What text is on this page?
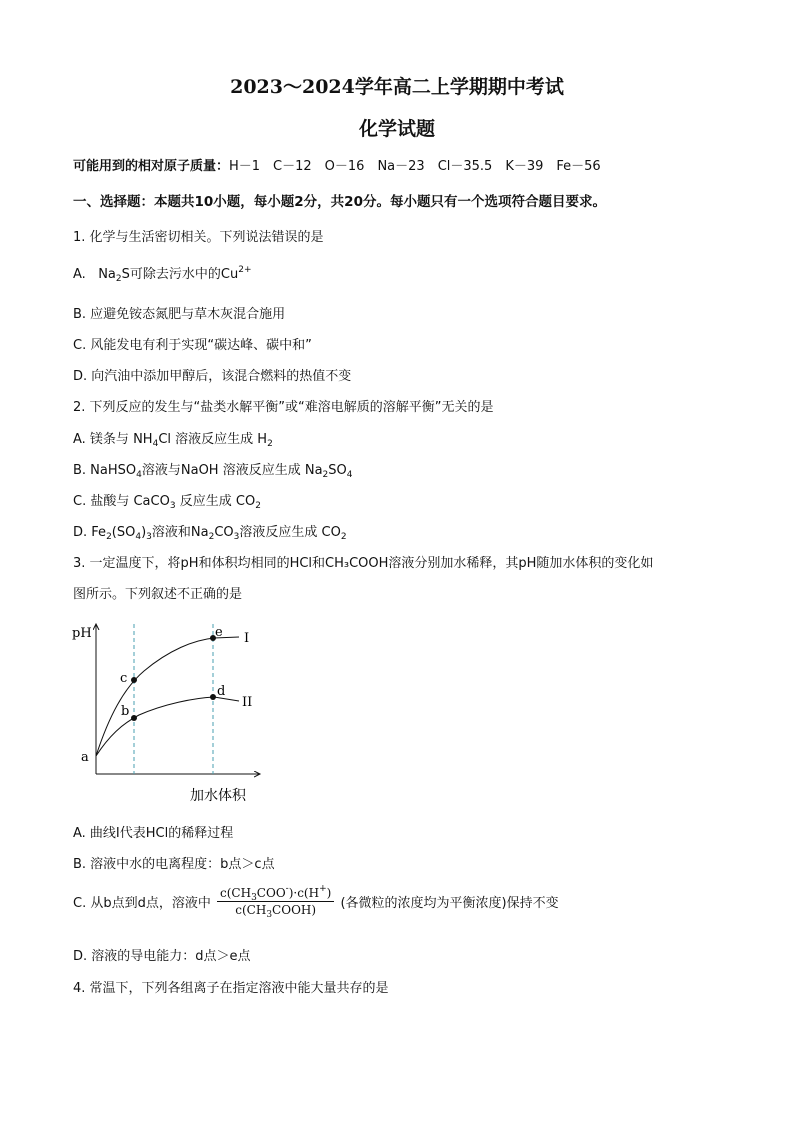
2023～2024学年高二上学期期中考试
化学试题
可能用到的相对原子质量：H－1　C－12　O－16　Na－23　Cl－35.5　K－39　Fe－56
一、选择题：本题共10小题，每小题2分，共20分。每小题只有一个选项符合题目要求。
1. 化学与生活密切相关。下列说法错误的是
A.   $Na_2S$可除去污水中的$Cu^{2+}$
B. 应避免铵态氮肥与草木灰混合施用
C. 风能发电有利于实现“碳达峰、碳中和”
D. 向汽油中添加甲醇后，该混合燃料的热值不变
2. 下列反应的发生与“盐类水解平衡”或“难溶电解质的溶解平衡”无关的是
A. 镁条与 $NH_4Cl$ 溶液反应生成 $H_2$
B. NaHSO$_4$溶液与NaOH 溶液反应生成 $Na_2SO_4$
C. 盐酸与 CaCO$_3$ 反应生成 $CO_2$
D. $Fe_2(SO_4)_3$溶液和$Na_2CO_3$溶液反应生成 $CO_2$
3. 一定温度下，将pH和体积均相同的HCl和CH₃COOH溶液分别加水稀释，其pH随加水体积的变化如
图所示。下列叙述不正确的是
pH
a
b
c
d
e I
II
加水体积
A. 曲线Ⅰ代表HCl的稀释过程
B. 溶液中水的电离程度：b点＞c点
C. 从b点到d点，溶液中 $\frac{c(CH_3COO^-)\cdot c(H^+)}{c(CH_3COOH)}$ (各微粒的浓度均为平衡浓度)保持不变
D. 溶液的导电能力：d点＞e点
4. 常温下，下列各组离子在指定溶液中能大量共存的是
